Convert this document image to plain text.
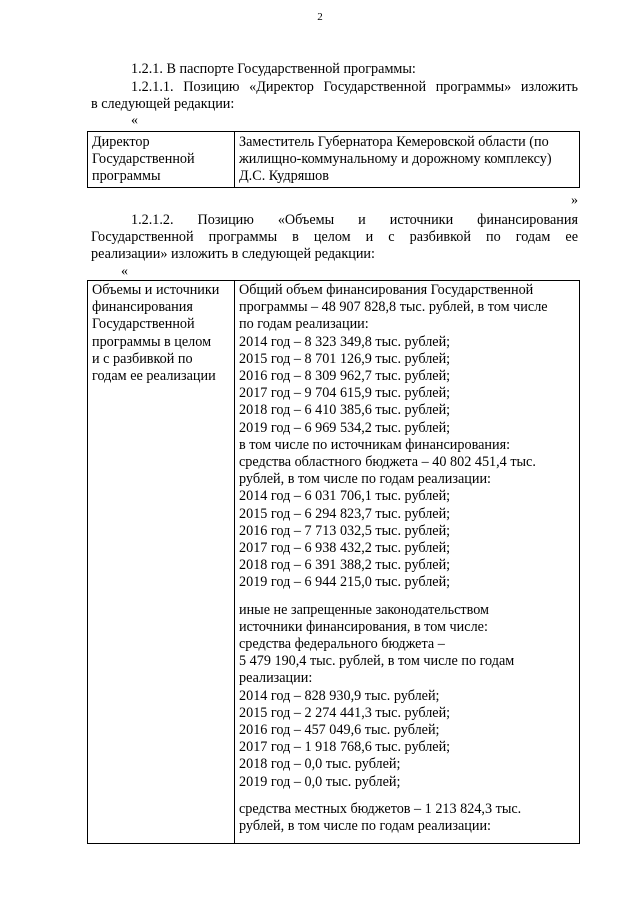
2
1.2.1. В паспорте Государственной программы:
1.2.1.1. Позицию «Директор Государственной программы» изложить
в следующей редакции:
«
Директор
Государственной
программы

Заместитель Губернатора Кемеровской области (по
жилищно-коммунальному и дорожному комплексу)
Д.С. Кудряшов
»
1.2.1.2. Позицию «Объемы и источники финансирования
Государственной программы в целом и с разбивкой по годам ее
реализации» изложить в следующей редакции:
«
Объемы и источники
финансирования
Государственной
программы в целом
и с разбивкой по
годам ее реализации

Общий объем финансирования Государственной
программы – 48 907 828,8 тыс. рублей, в том числе
по годам реализации:
2014 год – 8 323 349,8 тыс. рублей;
2015 год – 8 701 126,9 тыс. рублей;
2016 год – 8 309 962,7 тыс. рублей;
2017 год – 9 704 615,9 тыс. рублей;
2018 год – 6 410 385,6 тыс. рублей;
2019 год – 6 969 534,2 тыс. рублей;
в том числе по источникам финансирования:
средства областного бюджета – 40 802 451,4 тыс.
рублей, в том числе по годам реализации:
2014 год – 6 031 706,1 тыс. рублей;
2015 год – 6 294 823,7 тыс. рублей;
2016 год – 7 713 032,5 тыс. рублей;
2017 год – 6 938 432,2 тыс. рублей;
2018 год – 6 391 388,2 тыс. рублей;
2019 год – 6 944 215,0 тыс. рублей;
иные не запрещенные законодательством
источники финансирования, в том числе:
средства федерального бюджета –
5 479 190,4 тыс. рублей, в том числе по годам
реализации:
2014 год – 828 930,9 тыс. рублей;
2015 год – 2 274 441,3 тыс. рублей;
2016 год – 457 049,6 тыс. рублей;
2017 год – 1 918 768,6 тыс. рублей;
2018 год – 0,0 тыс. рублей;
2019 год – 0,0 тыс. рублей;
средства местных бюджетов – 1 213 824,3 тыс.
рублей, в том числе по годам реализации:
